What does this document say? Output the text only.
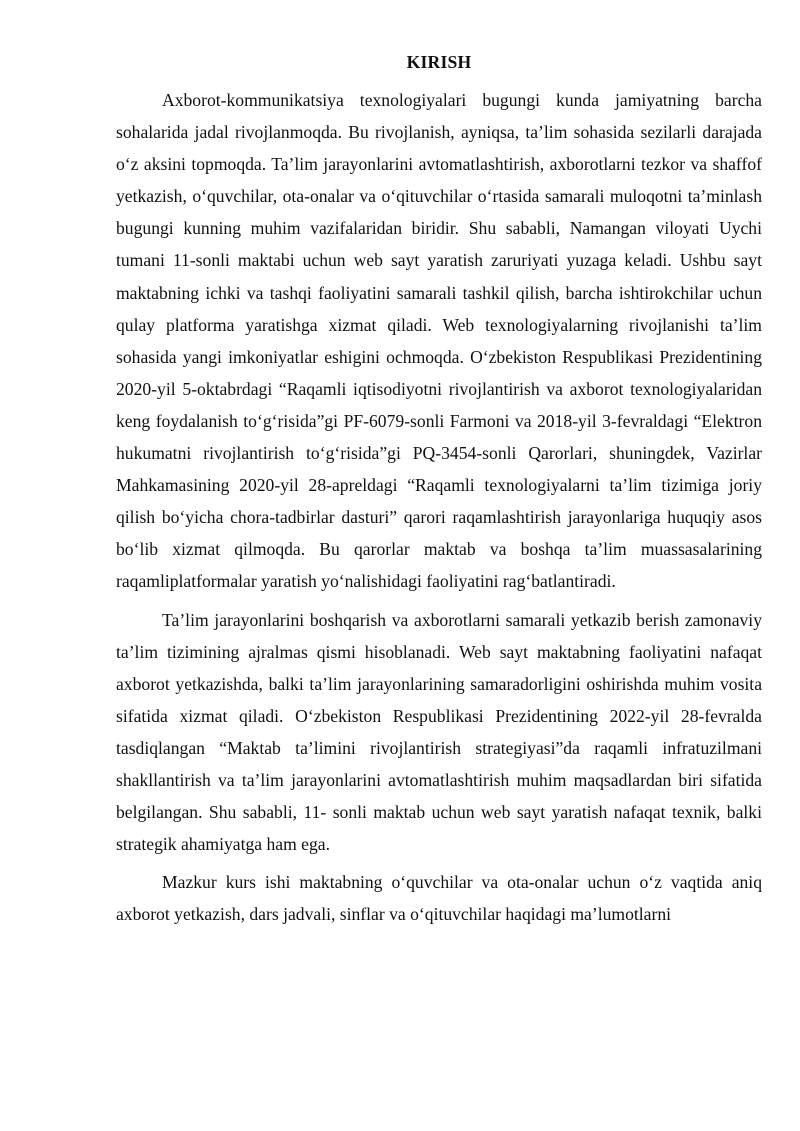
KIRISH

Axborot-kommunikatsiya texnologiyalari bugungi kunda jamiyatning barcha sohalarida jadal rivojlanmoqda. Bu rivojlanish, ayniqsa, ta’lim sohasida sezilarli darajada o‘z aksini topmoqda. Ta’lim jarayonlarini avtomatlashtirish, axborotlarni tezkor va shaffof yetkazish, o‘quvchilar, ota-onalar va o‘qituvchilar o‘rtasida samarali muloqotni ta’minlash bugungi kunning muhim vazifalaridan biridir. Shu sababli, Namangan viloyati Uychi tumani 11-sonli maktabi uchun web sayt yaratish zaruriyati yuzaga keladi. Ushbu sayt maktabning ichki va tashqi faoliyatini samarali tashkil qilish, barcha ishtirokchilar uchun qulay platforma yaratishga xizmat qiladi. Web texnologiyalarning rivojlanishi ta’lim sohasida yangi imkoniyatlar eshigini ochmoqda. O‘zbekiston Respublikasi Prezidentining 2020-yil 5-oktabrdagi “Raqamli iqtisodiyotni rivojlantirish va axborot texnologiyalaridan keng foydalanish to‘g‘risida”gi PF-6079-sonli Farmoni va 2018-yil 3-fevraldagi “Elektron hukumatni rivojlantirish to‘g‘risida”gi PQ-3454-sonli Qarorlari, shuningdek, Vazirlar Mahkamasining 2020-yil 28-apreldagi “Raqamli texnologiyalarni ta’lim tizimiga joriy qilish bo‘yicha chora-tadbirlar dasturi” qarori raqamlashtirish jarayonlariga huquqiy asos bo‘lib xizmat qilmoqda. Bu qarorlar maktab va boshqa ta’lim muassasalarining raqamliplatformalar yaratish yo‘nalishidagi faoliyatini rag‘batlantiradi.

Ta’lim jarayonlarini boshqarish va axborotlarni samarali yetkazib berish zamonaviy ta’lim tizimining ajralmas qismi hisoblanadi. Web sayt maktabning faoliyatini nafaqat axborot yetkazishda, balki ta’lim jarayonlarining samaradorligini oshirishda muhim vosita sifatida xizmat qiladi. O‘zbekiston Respublikasi Prezidentining 2022-yil 28-fevralda tasdiqlangan “Maktab ta’limini rivojlantirish strategiyasi”da raqamli infratuzilmani shakllantirish va ta’lim jarayonlarini avtomatlashtirish muhim maqsadlardan biri sifatida belgilangan. Shu sababli, 11- sonli maktab uchun web sayt yaratish nafaqat texnik, balki strategik ahamiyatga ham ega.

Mazkur kurs ishi maktabning o‘quvchilar va ota-onalar uchun o‘z vaqtida aniq axborot yetkazish, dars jadvali, sinflar va o‘qituvchilar haqidagi ma’lumotlarni
